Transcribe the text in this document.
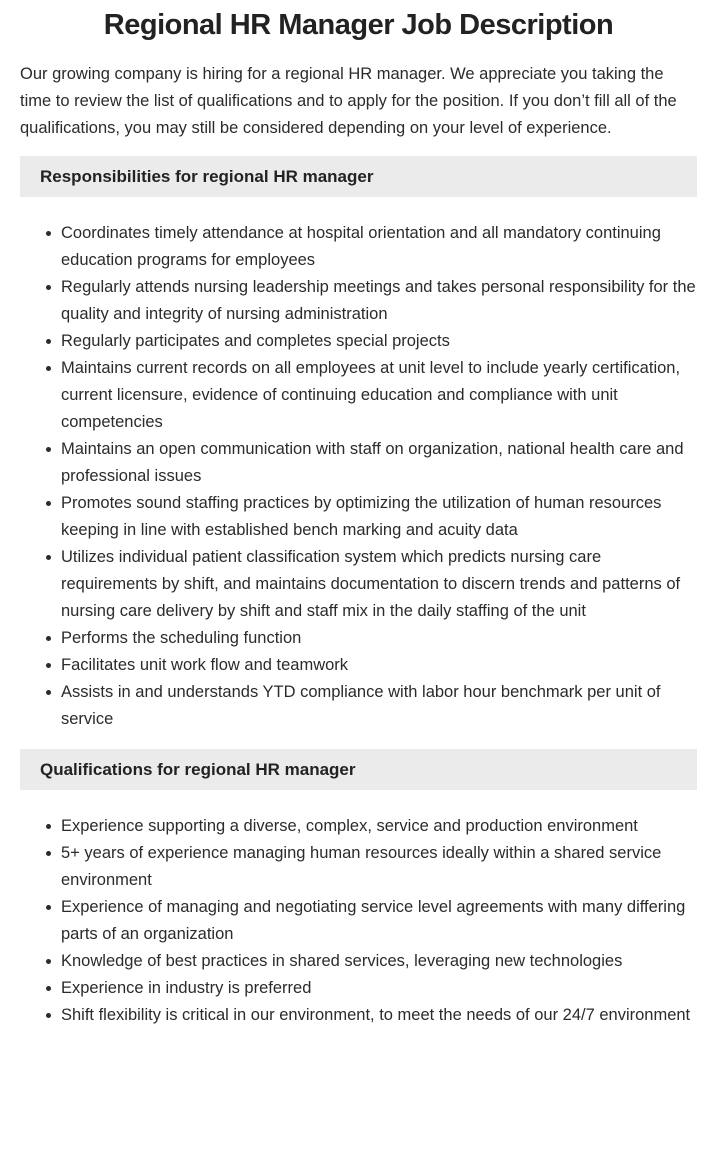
Regional HR Manager Job Description

Our growing company is hiring for a regional HR manager. We appreciate you taking the time to review the list of qualifications and to apply for the position. If you don’t fill all of the qualifications, you may still be considered depending on your level of experience.

Responsibilities for regional HR manager
Coordinates timely attendance at hospital orientation and all mandatory continuing education programs for employees
Regularly attends nursing leadership meetings and takes personal responsibility for the quality and integrity of nursing administration
Regularly participates and completes special projects
Maintains current records on all employees at unit level to include yearly certification, current licensure, evidence of continuing education and compliance with unit competencies
Maintains an open communication with staff on organization, national health care and professional issues
Promotes sound staffing practices by optimizing the utilization of human resources keeping in line with established bench marking and acuity data
Utilizes individual patient classification system which predicts nursing care requirements by shift, and maintains documentation to discern trends and patterns of nursing care delivery by shift and staff mix in the daily staffing of the unit
Performs the scheduling function
Facilitates unit work flow and teamwork
Assists in and understands YTD compliance with labor hour benchmark per unit of service
Qualifications for regional HR manager
Experience supporting a diverse, complex, service and production environment
5+ years of experience managing human resources ideally within a shared service environment
Experience of managing and negotiating service level agreements with many differing parts of an organization
Knowledge of best practices in shared services, leveraging new technologies
Experience in industry is preferred
Shift flexibility is critical in our environment, to meet the needs of our 24/7 environment
